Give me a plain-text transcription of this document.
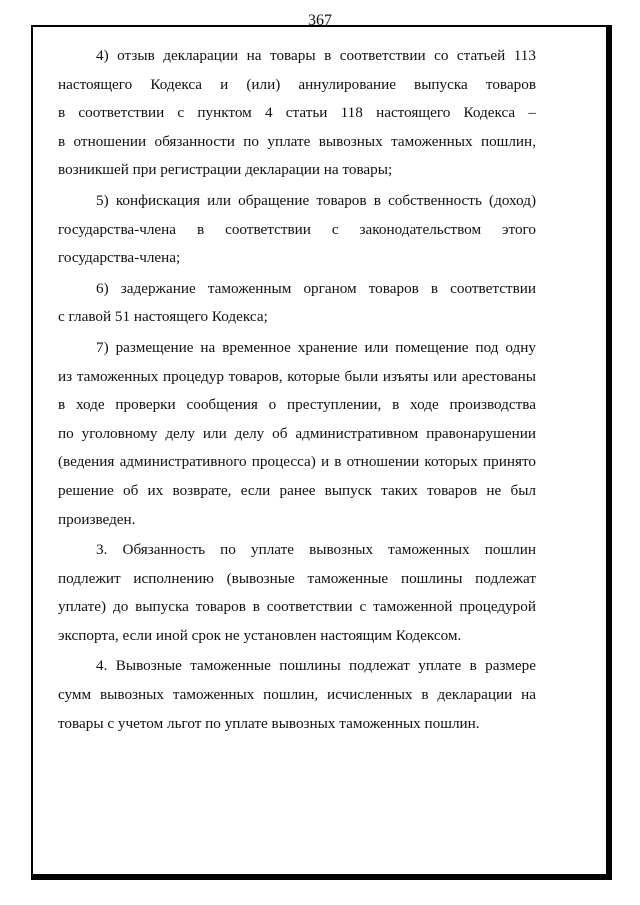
367

4) отзыв декларации на товары в соответствии со статьей 113
настоящего Кодекса и (или) аннулирование выпуска товаров
в соответствии с пунктом 4 статьи 118 настоящего Кодекса –
в отношении обязанности по уплате вывозных таможенных пошлин,
возникшей при регистрации декларации на товары;

5) конфискация или обращение товаров в собственность (доход)
государства-члена в соответствии с законодательством этого
государства-члена;

6) задержание таможенным органом товаров в соответствии
с главой 51 настоящего Кодекса;

7) размещение на временное хранение или помещение под одну
из таможенных процедур товаров, которые были изъяты или арестованы
в ходе проверки сообщения о преступлении, в ходе производства
по уголовному делу или делу об административном правонарушении
(ведения административного процесса) и в отношении которых принято
решение об их возврате, если ранее выпуск таких товаров не был
произведен.

3. Обязанность по уплате вывозных таможенных пошлин
подлежит исполнению (вывозные таможенные пошлины подлежат
уплате) до выпуска товаров в соответствии с таможенной процедурой
экспорта, если иной срок не установлен настоящим Кодексом.

4. Вывозные таможенные пошлины подлежат уплате в размере
сумм вывозных таможенных пошлин, исчисленных в декларации на
товары с учетом льгот по уплате вывозных таможенных пошлин.
